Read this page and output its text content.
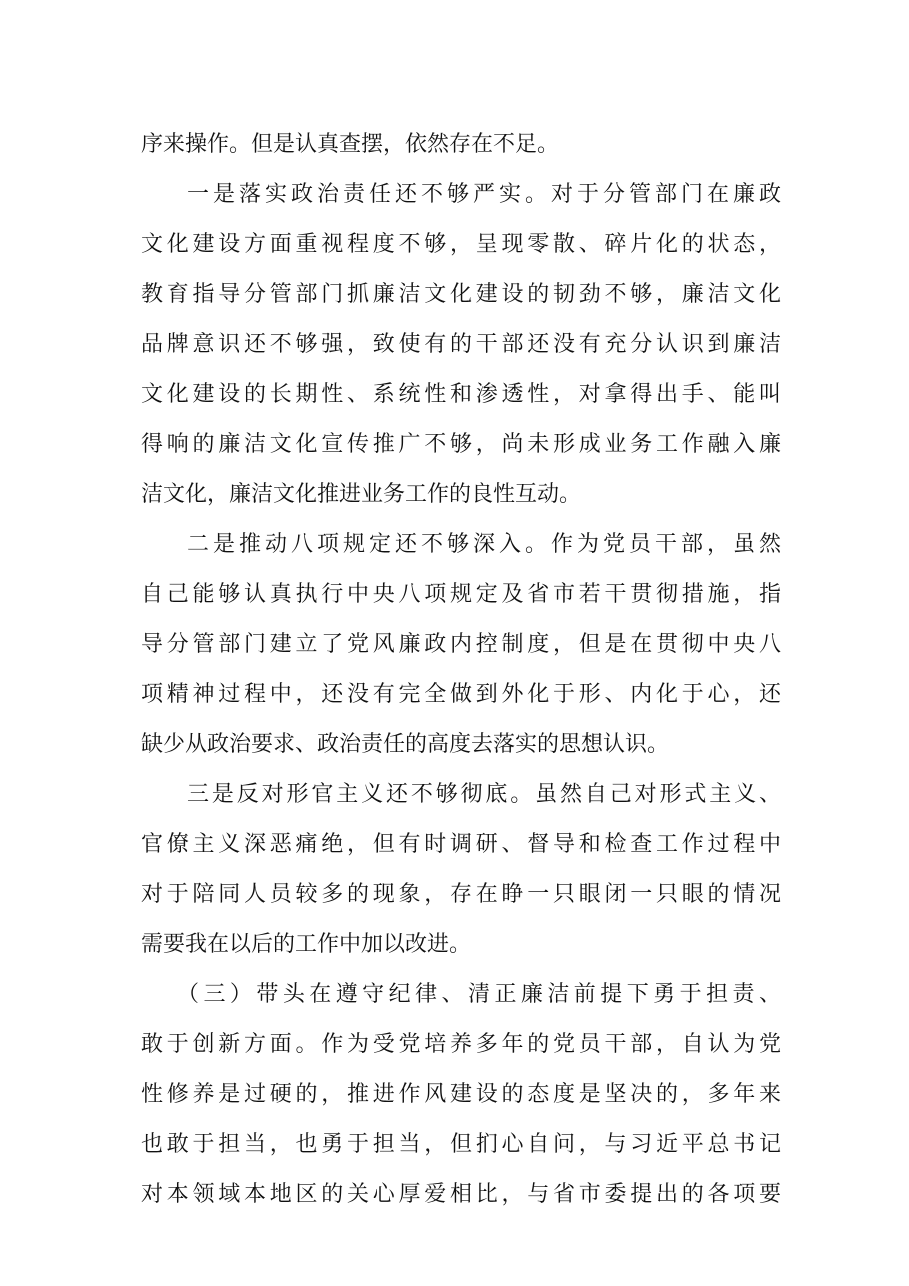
序来操作。但是认真查摆，依然存在不足。
一是落实政治责任还不够严实。对于分管部门在廉政
文化建设方面重视程度不够，呈现零散、碎片化的状态，
教育指导分管部门抓廉洁文化建设的韧劲不够，廉洁文化
品牌意识还不够强，致使有的干部还没有充分认识到廉洁
文化建设的长期性、系统性和渗透性，对拿得出手、能叫
得响的廉洁文化宣传推广不够，尚未形成业务工作融入廉
洁文化，廉洁文化推进业务工作的良性互动。
二是推动八项规定还不够深入。作为党员干部，虽然
自己能够认真执行中央八项规定及省市若干贯彻措施，指
导分管部门建立了党风廉政内控制度，但是在贯彻中央八
项精神过程中，还没有完全做到外化于形、内化于心，还
缺少从政治要求、政治责任的高度去落实的思想认识。
三是反对形官主义还不够彻底。虽然自己对形式主义、
官僚主义深恶痛绝，但有时调研、督导和检查工作过程中
对于陪同人员较多的现象，存在睁一只眼闭一只眼的情况
需要我在以后的工作中加以改进。
（三）带头在遵守纪律、清正廉洁前提下勇于担责、
敢于创新方面。作为受党培养多年的党员干部，自认为党
性修养是过硬的，推进作风建设的态度是坚决的，多年来
也敢于担当，也勇于担当，但扪心自问，与习近平总书记
对本领域本地区的关心厚爱相比，与省市委提出的各项要
